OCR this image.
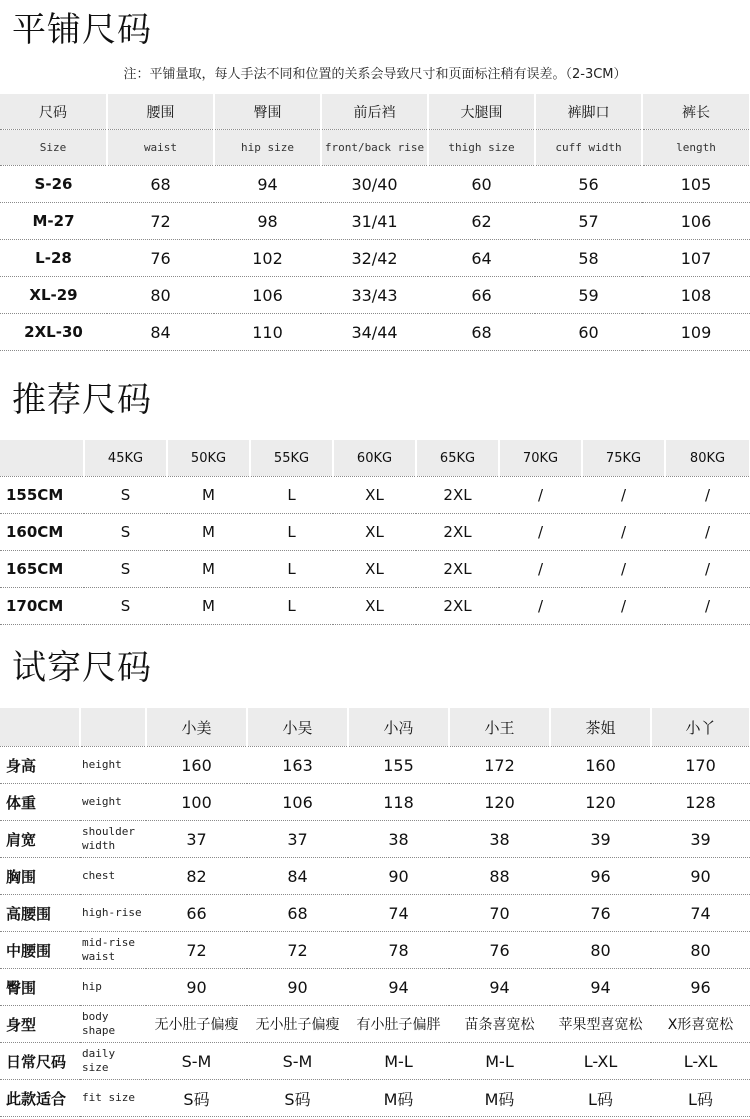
平铺尺码
注：平铺量取，每人手法不同和位置的关系会导致尺寸和页面标注稍有误差。（2-3CM）
尺码	腰围	臀围	前后裆	大腿围	裤脚口	裤长
Size	waist	hip size	front/back rise	thigh size	cuff width	length
S-26	68	94	30/40	60	56	105
M-27	72	98	31/41	62	57	106
L-28	76	102	32/42	64	58	107
XL-29	80	106	33/43	66	59	108
2XL-30	84	110	34/44	68	60	109
推荐尺码
	45KG	50KG	55KG	60KG	65KG	70KG	75KG	80KG
155CM	S	M	L	XL	2XL	/	/	/
160CM	S	M	L	XL	2XL	/	/	/
165CM	S	M	L	XL	2XL	/	/	/
170CM	S	M	L	XL	2XL	/	/	/
试穿尺码
		小美	小吴	小冯	小王	茶姐	小丫
身高	height	160	163	155	172	160	170
体重	weight	100	106	118	120	120	128
肩宽	shoulder width	37	37	38	38	39	39
胸围	chest	82	84	90	88	96	90
高腰围	high-rise	66	68	74	70	76	74
中腰围	mid-rise waist	72	72	78	76	80	80
臀围	hip	90	90	94	94	94	96
身型	body shape	无小肚子偏瘦	无小肚子偏瘦	有小肚子偏胖	苗条喜宽松	苹果型喜宽松	X形喜宽松
日常尺码	daily size	S-M	S-M	M-L	M-L	L-XL	L-XL
此款适合	fit size	S码	S码	M码	M码	L码	L码
